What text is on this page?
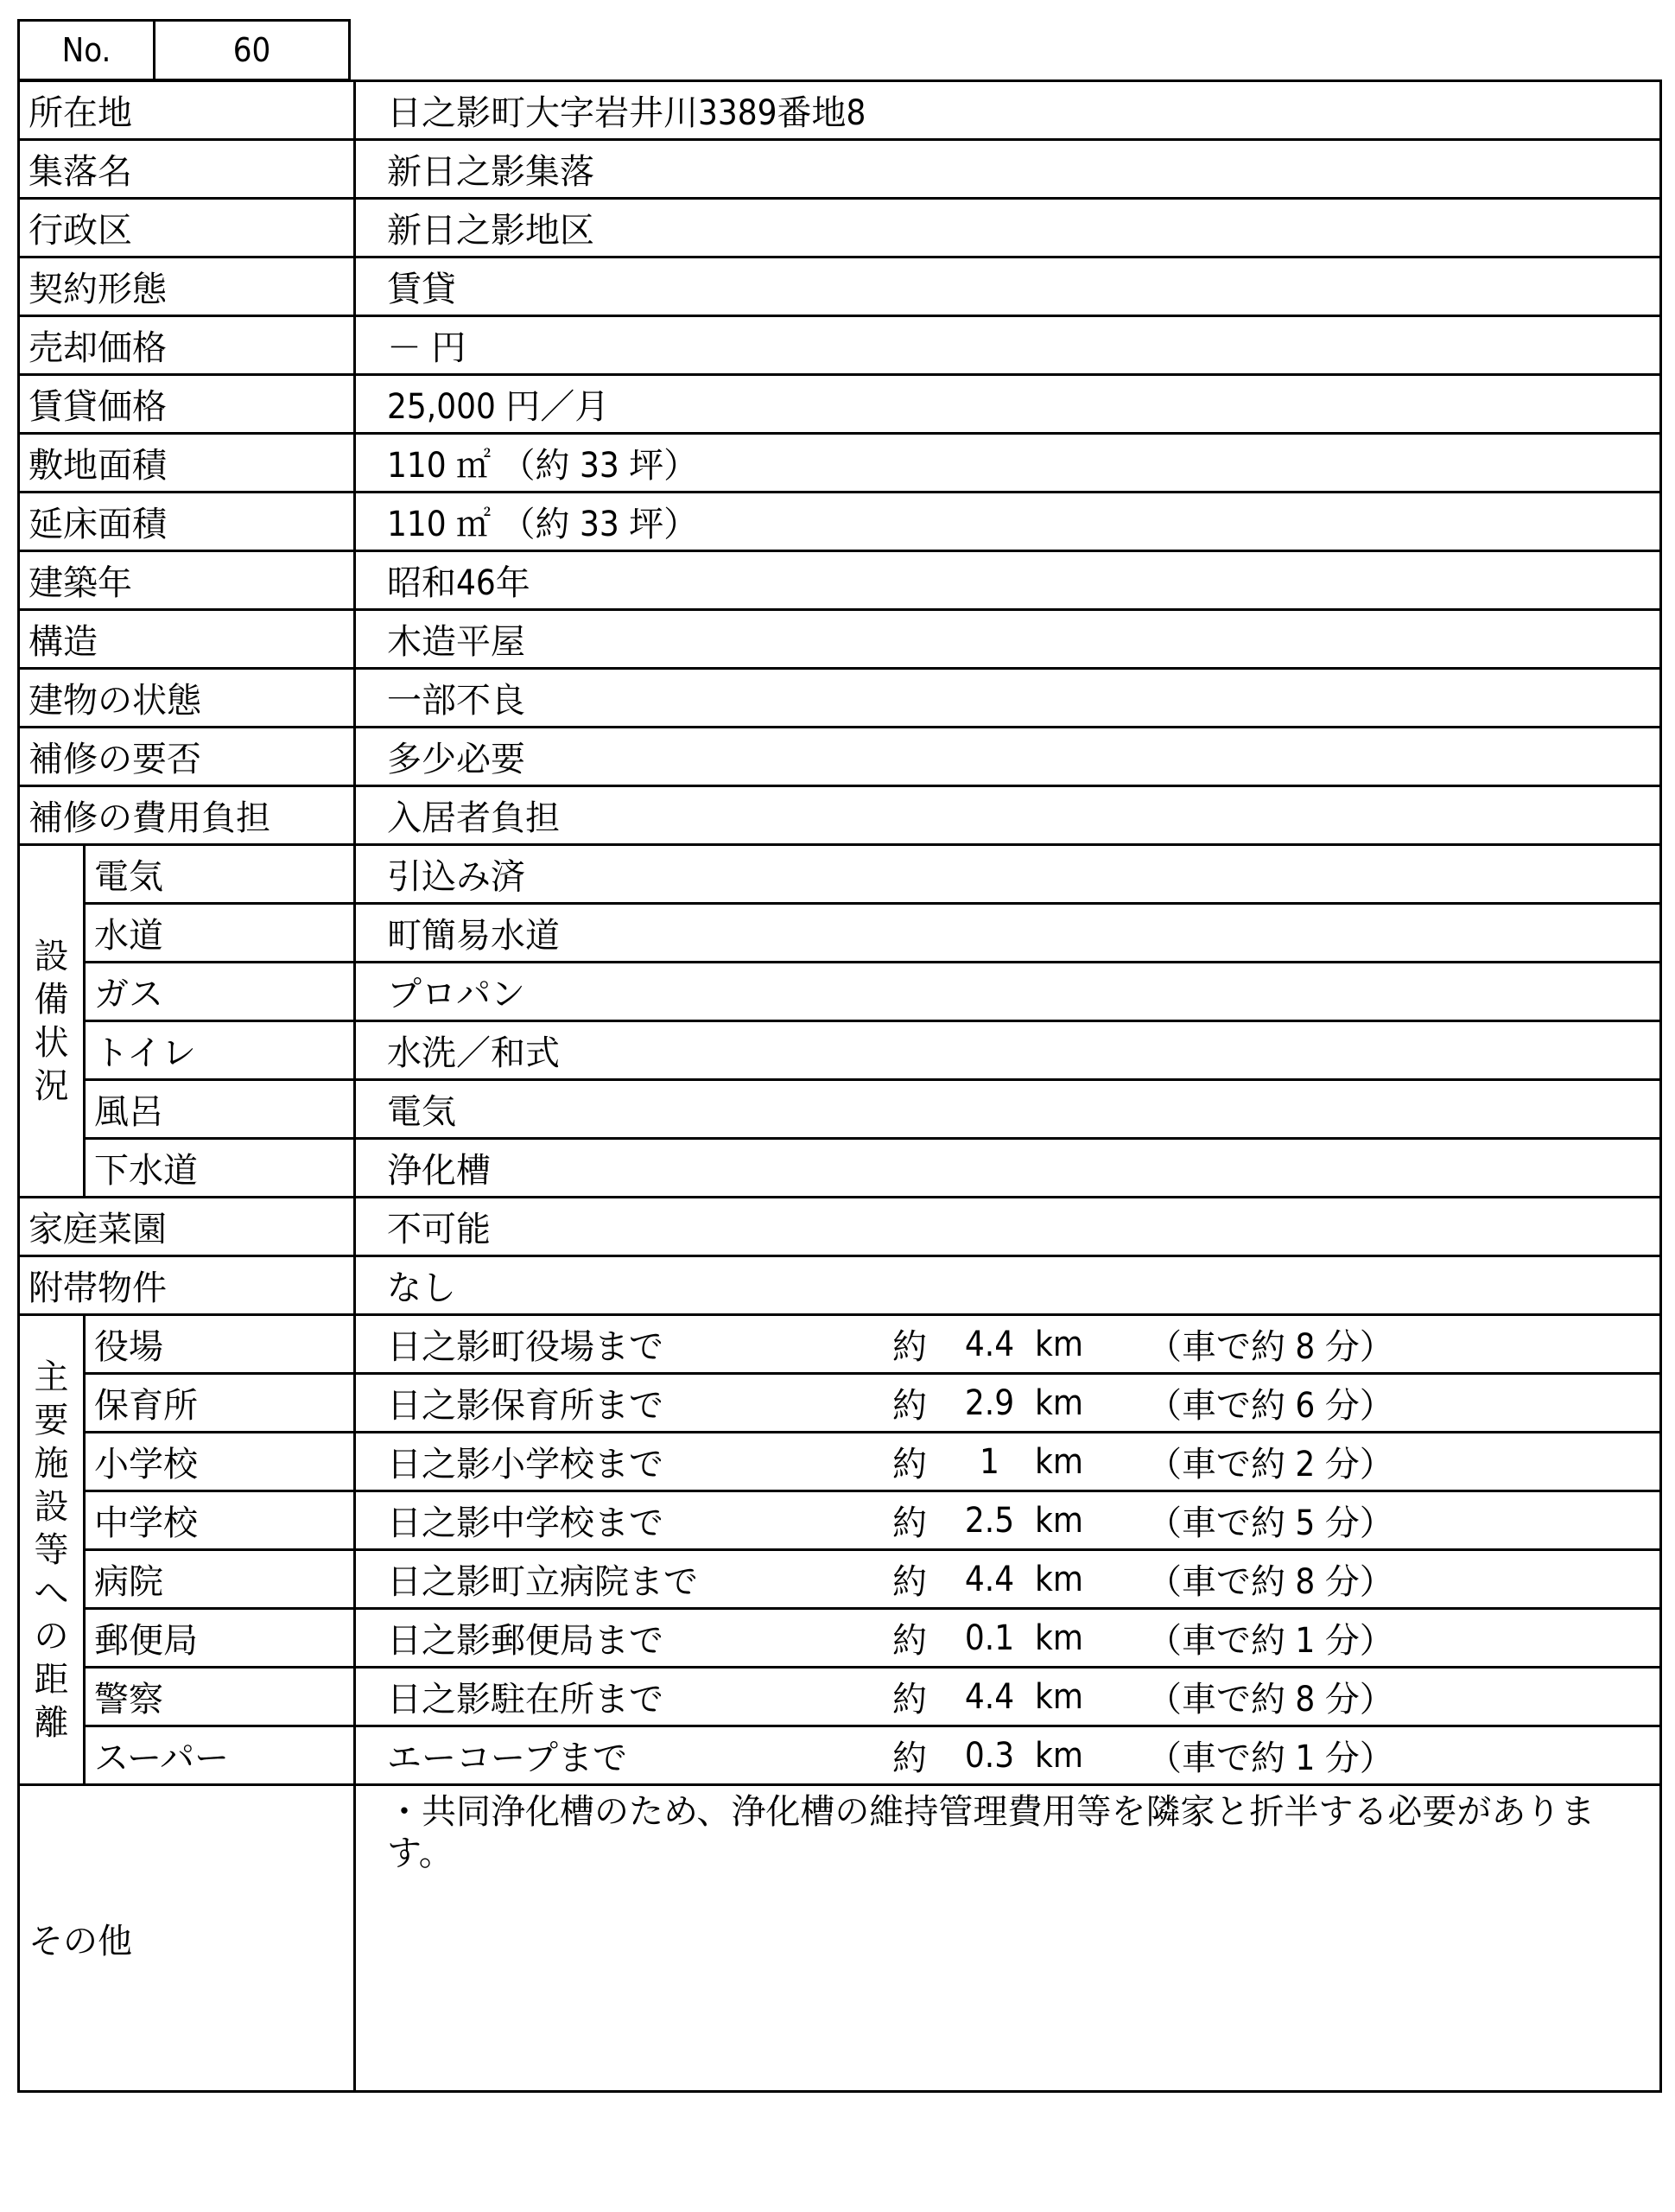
No.	60
所在地		日之影町大字岩井川3389番地8
集落名		新日之影集落
行政区		新日之影地区
契約形態		賃貸
売却価格		－ 円
賃貸価格		25,000 円／月
敷地面積		110 ㎡ （約 33 坪）
延床面積		110 ㎡ （約 33 坪）
建築年		昭和46年
構造		木造平屋
建物の状態		一部不良
補修の要否		多少必要
補修の費用負担		入居者負担
設備状況	電気	引込み済
	水道	町簡易水道
	ガス	プロパン
	トイレ	水洗／和式
	風呂	電気
	下水道	浄化槽
家庭菜園		不可能
附帯物件		なし
主要施設等への距離	役場	日之影町役場まで 約 4.4 km （車で約 8 分）

	保育所	日之影保育所まで 約 2.9 km （車で約 6 分）

	小学校	日之影小学校まで 約 1 km （車で約 2 分）

	中学校	日之影中学校まで 約 2.5 km （車で約 5 分）

	病院	日之影町立病院まで 約 4.4 km （車で約 8 分）

	郵便局	日之影郵便局まで 約 0.1 km （車で約 1 分）

	警察	日之影駐在所まで 約 4.4 km （車で約 8 分）

	スーパー	エーコープまで 約 0.3 km （車で約 1 分）

その他		・共同浄化槽のため、浄化槽の維持管理費用等を隣家と折半する必要があります。
